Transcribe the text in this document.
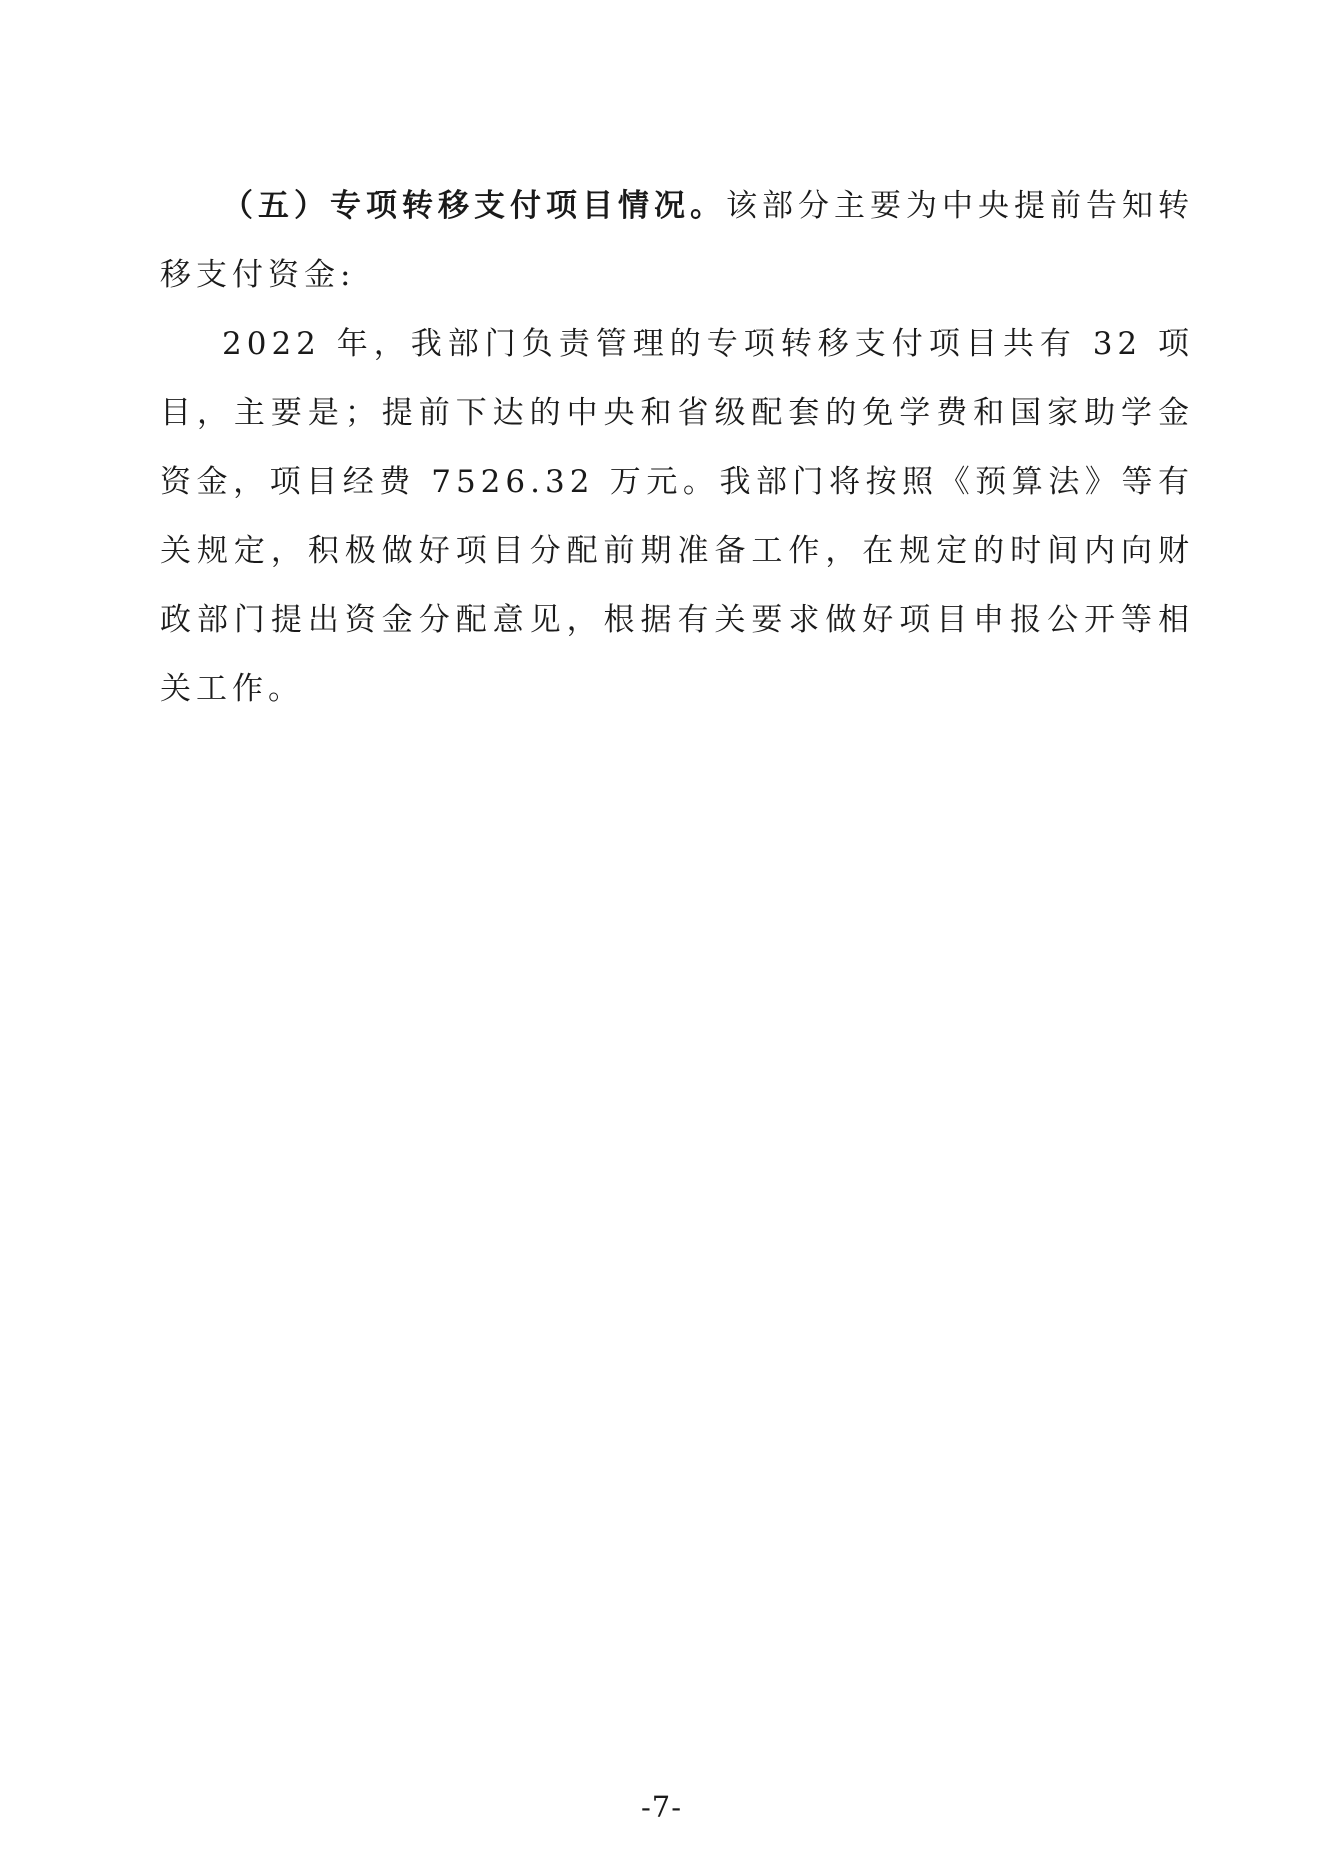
（五）专项转移支付项目情况。该部分主要为中央提前告知转移支付资金:

2022 年，我部门负责管理的专项转移支付项目共有 32 项目，主要是；提前下达的中央和省级配套的免学费和国家助学金资金，项目经费 7526.32 万元。我部门将按照《预算法》等有关规定，积极做好项目分配前期准备工作，在规定的时间内向财政部门提出资金分配意见，根据有关要求做好项目申报公开等相关工作。

-7-
